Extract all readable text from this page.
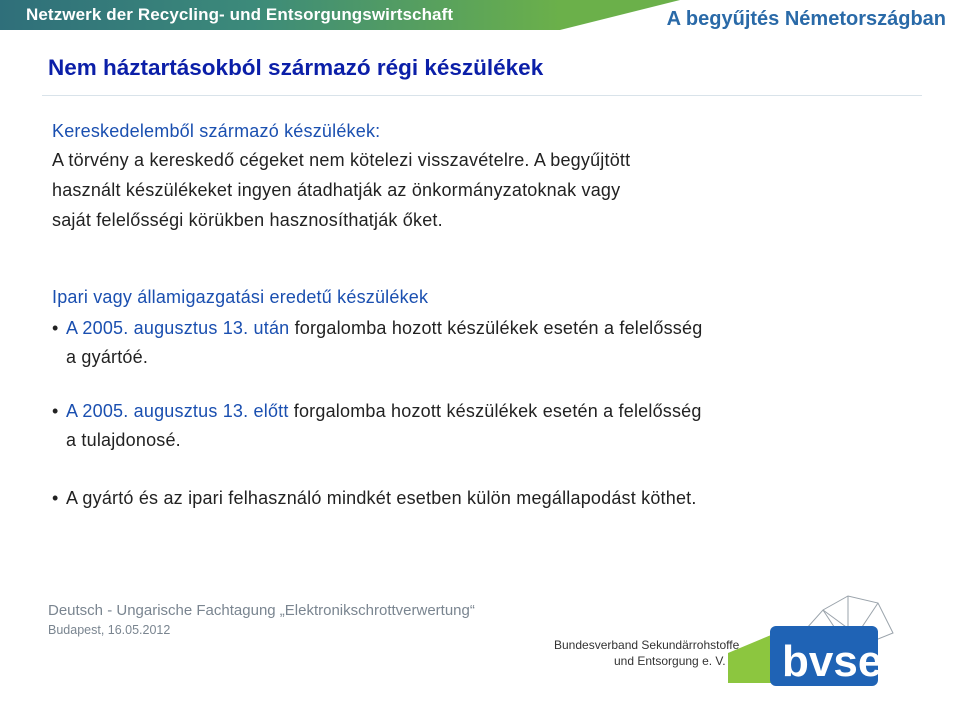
Netzwerk der Recycling- und Entsorgungswirtschaft	A begyűjtés Németországban
Nem háztartásokból származó régi készülékek
Kereskedelemből származó készülékek:
A törvény a kereskedő cégeket nem kötelezi visszavételre. A begyűjtött
használt készülékeket ingyen átadhatják az önkormányzatoknak vagy
saját felelősségi körükben hasznosíthatják őket.
Ipari vagy államigazgatási eredetű készülékek
• A 2005. augusztus 13. után forgalomba hozott készülékek esetén a felelősség
a gyártóé.
• A 2005. augusztus 13. előtt forgalomba hozott készülékek esetén a felelősség
a tulajdonosé.
• A gyártó és az ipari felhasználó mindkét esetben külön megállapodást köthet.
Deutsch - Ungarische Fachtagung „Elektronikschrottverwertung“
Budapest, 16.05.2012
bvse
Bundesverband Sekundärrohstoffe
und Entsorgung e. V.
